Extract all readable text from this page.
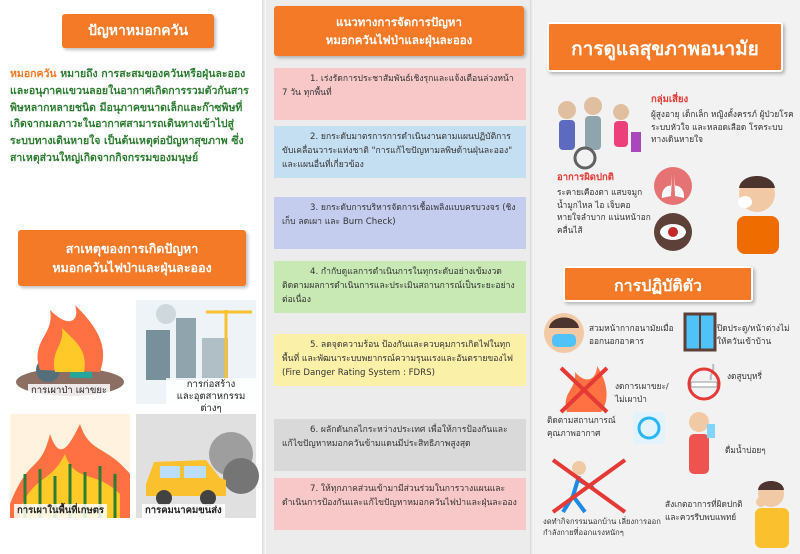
ปัญหาหมอกควัน
หมอกควัน หมายถึง การสะสมของควันหรือฝุ่นละอองและอนุภาคแขวนลอยในอากาศเกิดการรวมตัวกันสารพิษหลากหลายชนิด มีอนุภาคขนาดเล็กและก๊าซพิษที่เกิดจากมลภาวะในอากาศสามารถเดินทางเข้าไปสู่ระบบทางเดินหายใจ เป็นต้นเหตุต่อปัญหาสุขภาพ ซึ่งสาเหตุส่วนใหญ่เกิดจากกิจกรรมของมนุษย์
สาเหตุของการเกิดปัญหา
หมอกควันไฟป่าและฝุ่นละออง
การเผาป่า เผาขยะ
การก่อสร้าง
และอุตสาหกรรมต่างๆ
การเผาในพื้นที่เกษตร	การคมนาคมขนส่ง
แนวทางการจัดการปัญหา
หมอกควันไฟป่าและฝุ่นละออง
1. เร่งรัดการประชาสัมพันธ์เชิงรุกและแจ้งเตือนล่วงหน้า 7 วัน ทุกพื้นที่
2. ยกระดับมาตรการการดำเนินงานตามแผนปฏิบัติการขับเคลื่อนวาระแห่งชาติ "การแก้ไขปัญหามลพิษด้านฝุ่นละออง" และแผนอื่นที่เกี่ยวข้อง
3. ยกระดับการบริหารจัดการเชื้อเพลิงแบบครบวงจร (ชิงเก็บ ลดเผา และ Burn Check)
4. กำกับดูแลการดำเนินการในทุกระดับอย่างเข้มงวด ติดตามผลการดำเนินการและประเมินสถานการณ์เป็นระยะอย่างต่อเนื่อง
5. ลดจุดความร้อน ป้องกันและควบคุมการเกิดไฟในทุกพื้นที่ และพัฒนาระบบพยากรณ์ความรุนแรงและอันตรายของไฟ (Fire Danger Rating System : FDRS)
6. ผลักดันกลไกระหว่างประเทศ เพื่อให้การป้องกันและแก้ไขปัญหาหมอกควันข้ามแดนมีประสิทธิภาพสูงสุด
7. ให้ทุกภาคส่วนเข้ามามีส่วนร่วมในการวางแผนและดำเนินการป้องกันและแก้ไขปัญหาหมอกควันไฟป่าและฝุ่นละออง
การดูแลสุขภาพอนามัย
กลุ่มเสี่ยง
ผู้สูงอายุ เด็กเล็ก หญิงตั้งครรภ์ ผู้ป่วยโรคระบบหัวใจ และหลอดเลือด โรคระบบทางเดินหายใจ
อาการผิดปกติ
ระคายเคืองตา แสบจมูก น้ำมูกไหล ไอ เจ็บคอ หายใจลำบาก แน่นหน้าอก คลื่นไส้
การปฏิบัติตัว
สวมหน้ากากอนามัยเมื่อออกนอกอาคาร
ปิดประตู/หน้าต่างไม่ให้ควันเข้าบ้าน
งดการเผาขยะ/ไม่เผาป่า
งดสูบบุหรี่
ติดตามสถานการณ์คุณภาพอากาศ
ดื่มน้ำบ่อยๆ
งดทำกิจกรรมนอกบ้าน เลี่ยงการออกกำลังกายที่ออกแรงหนักๆ
สังเกตอาการที่ผิดปกติและควรรีบพบแพทย์
